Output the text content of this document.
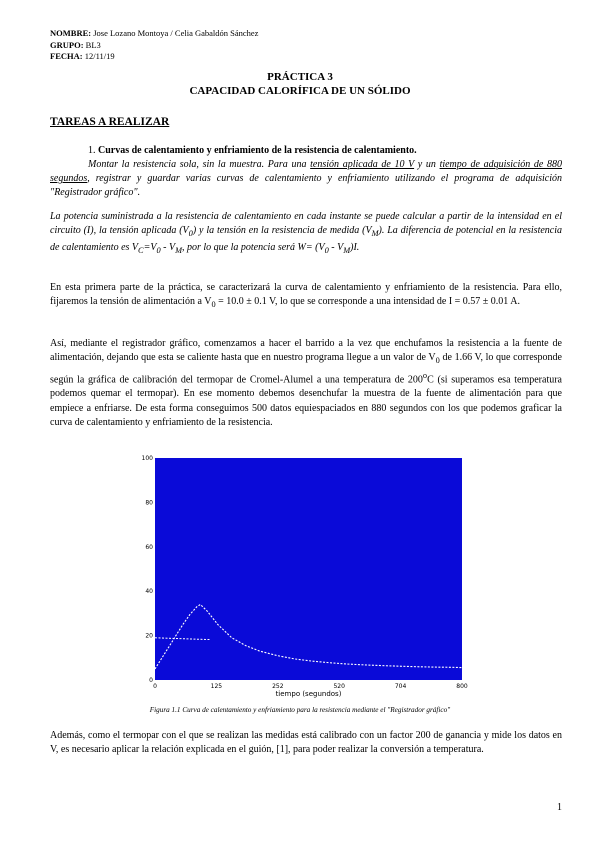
NOMBRE: Jose Lozano Montoya / Celia Gabaldón Sánchez
GRUPO: BL3
FECHA: 12/11/19
PRÁCTICA 3
CAPACIDAD CALORÍFICA DE UN SÓLIDO
TAREAS A REALIZAR
1. Curvas de calentamiento y enfriamiento de la resistencia de calentamiento.
Montar la resistencia sola, sin la muestra. Para una tensión aplicada de 10 V y un tiempo de adquisición de 880 segundos, registrar y guardar varias curvas de calentamiento y enfriamiento utilizando el programa de adquisición "Registrador gráfico".
La potencia suministrada a la resistencia de calentamiento en cada instante se puede calcular a partir de la intensidad en el circuito (I), la tensión aplicada $(V_0)$ y la tensión en la resistencia de medida $(V_M)$. La diferencia de potencial en la resistencia de calentamiento es $V_C=V_0 - V_M$, por lo que la potencia será $W= (V_0 - V_M)I$.
En esta primera parte de la práctica, se caracterizará la curva de calentamiento y enfriamiento de la resistencia. Para ello, fijaremos la tensión de alimentación a $V_0 = 10.0 \pm 0.1$ V, lo que se corresponde a una intensidad de I = 0.57 ± 0.01 A.
Así, mediante el registrador gráfico, comenzamos a hacer el barrido a la vez que enchufamos la resistencia a la fuente de alimentación, dejando que esta se caliente hasta que en nuestro programa llegue a un valor de $V_0$ de 1.66 V, lo que corresponde según la gráfica de calibración del termopar de Cromel-Alumel a una temperatura de 200$^o$C (si superamos esa temperatura podemos quemar el termopar). En ese momento debemos desenchufar la muestra de la fuente de alimentación para que empiece a enfriarse. De esta forma conseguimos 500 datos equiespaciados en 880 segundos con los que podemos graficar la curva de calentamiento y enfriamiento de la resistencia.
100
80
60
40
20
0
0	125	252	520	704	800
tiempo (segundos)
Figura 1.1 Curva de calentamiento y enfriamiento para la resistencia mediante el "Registrador gráfico"
Además, como el termopar con el que se realizan las medidas está calibrado con un factor 200 de ganancia y mide los datos en V, es necesario aplicar la relación explicada en el guión, [1], para poder realizar la conversión a temperatura.
1
